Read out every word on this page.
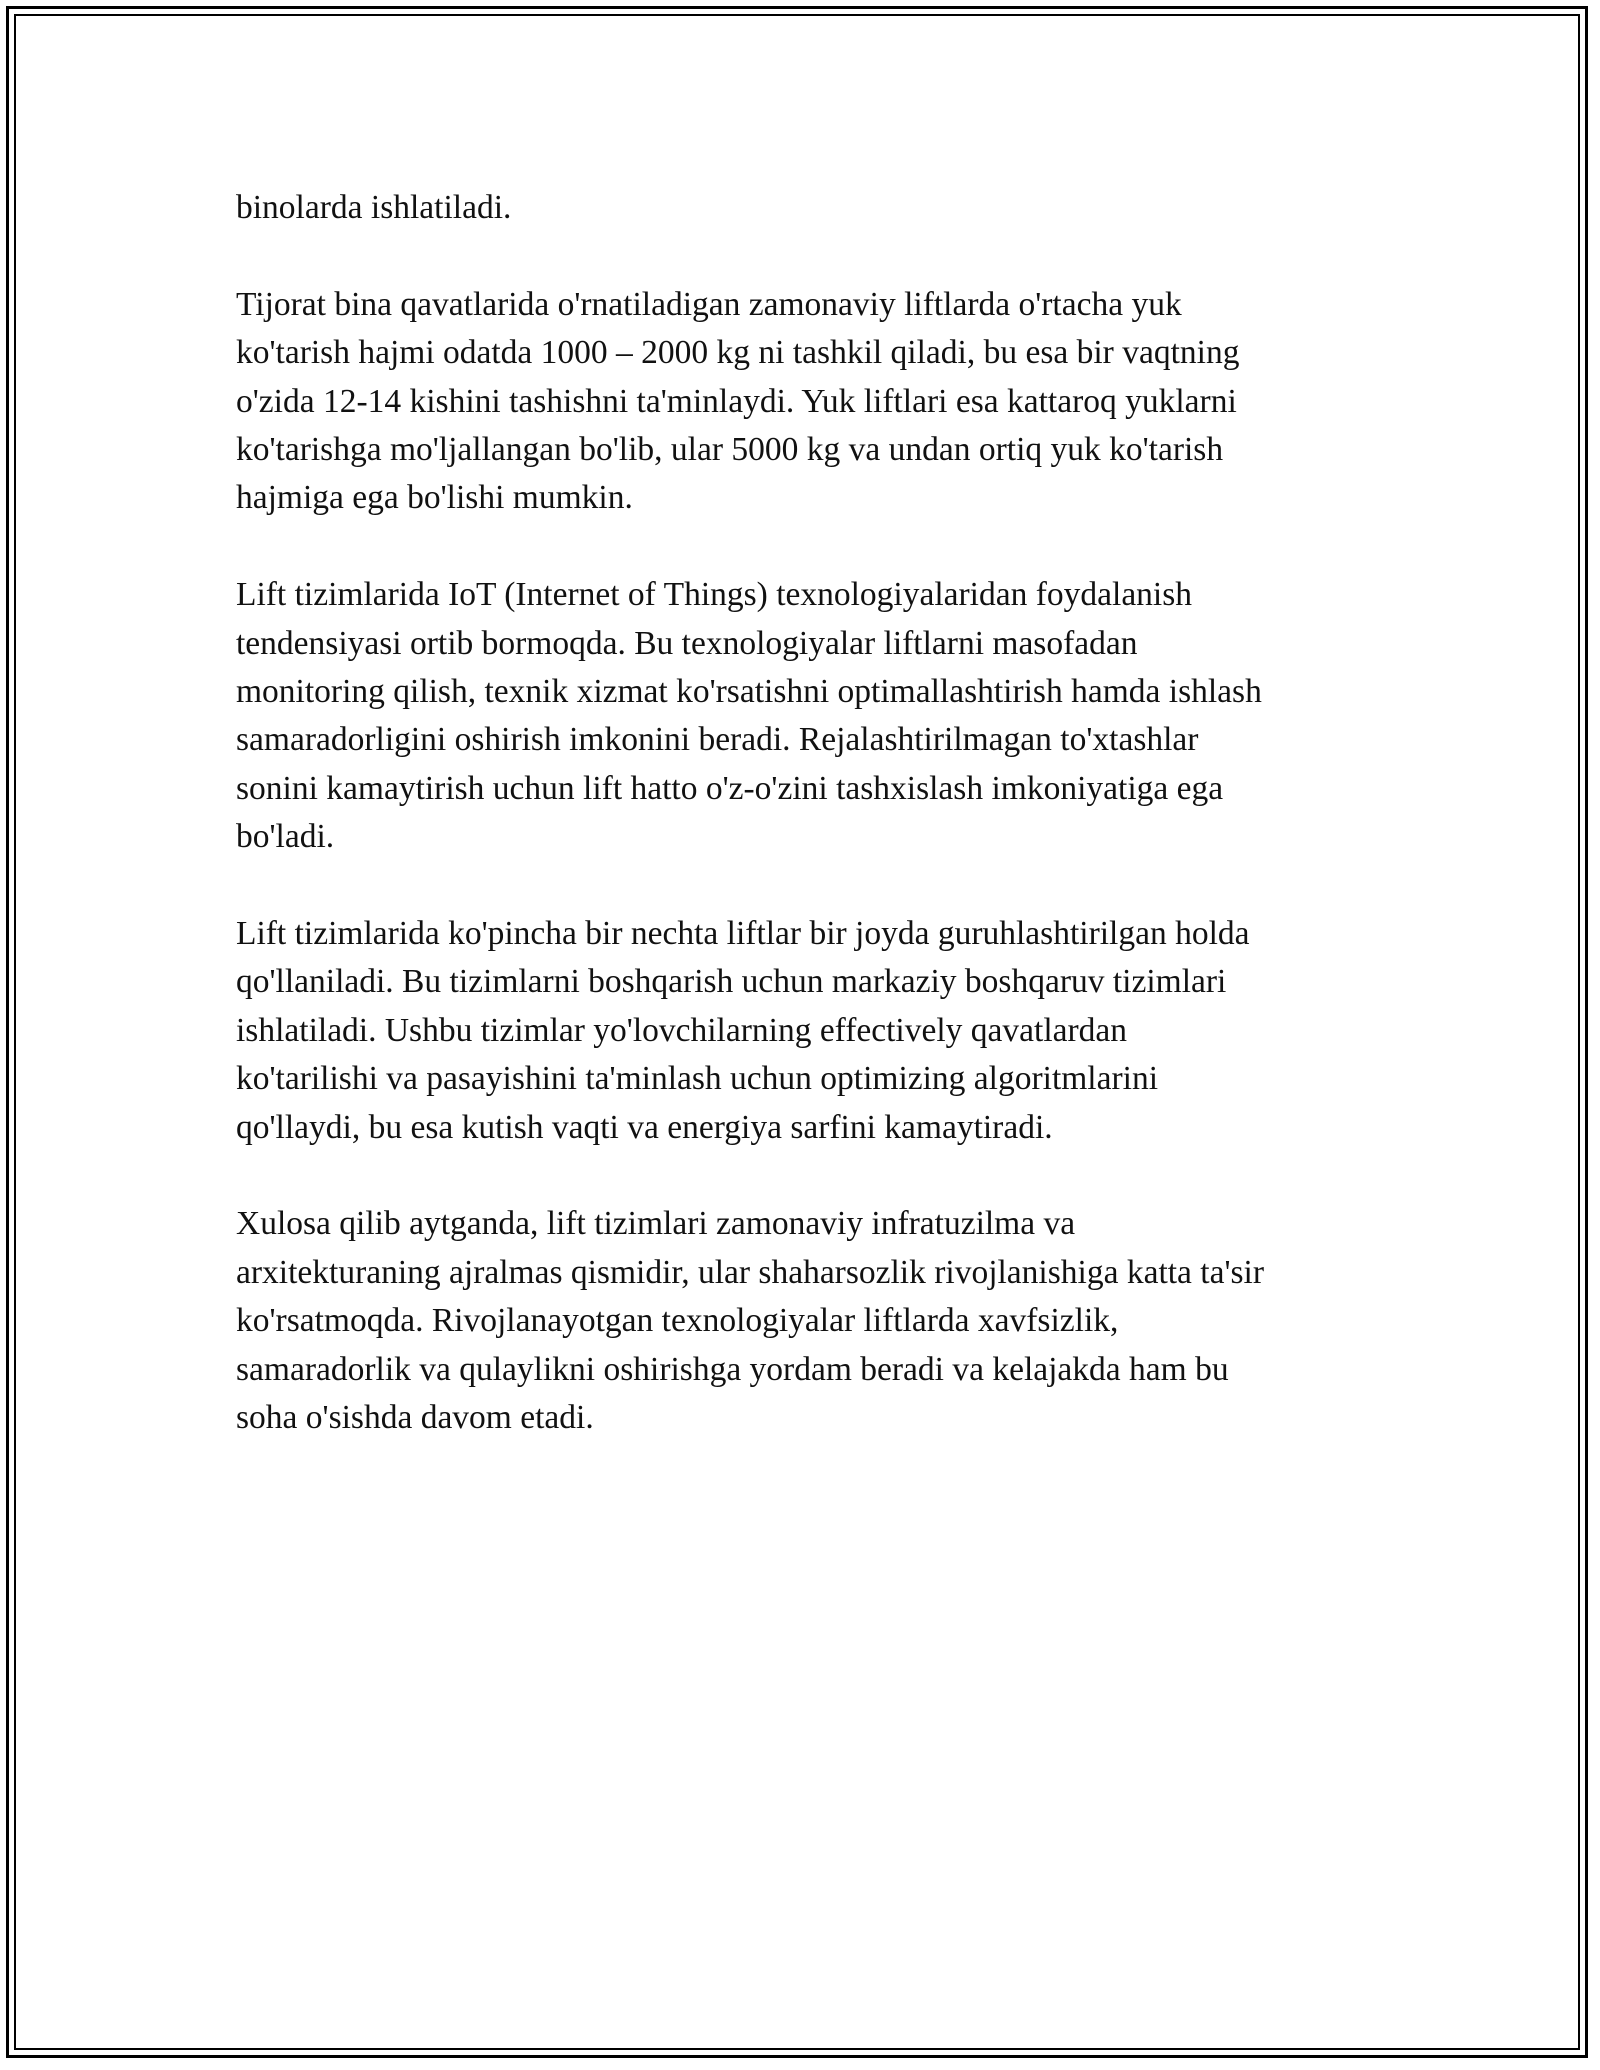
binolarda ishlatiladi.

Tijorat bina qavatlarida o'rnatiladigan zamonaviy liftlarda o'rtacha yuk
ko'tarish hajmi odatda 1000 – 2000 kg ni tashkil qiladi, bu esa bir vaqtning
o'zida 12-14 kishini tashishni ta'minlaydi. Yuk liftlari esa kattaroq yuklarni
ko'tarishga mo'ljallangan bo'lib, ular 5000 kg va undan ortiq yuk ko'tarish
hajmiga ega bo'lishi mumkin.

Lift tizimlarida IoT (Internet of Things) texnologiyalaridan foydalanish
tendensiyasi ortib bormoqda. Bu texnologiyalar liftlarni masofadan
monitoring qilish, texnik xizmat ko'rsatishni optimallashtirish hamda ishlash
samaradorligini oshirish imkonini beradi. Rejalashtirilmagan to'xtashlar
sonini kamaytirish uchun lift hatto o'z-o'zini tashxislash imkoniyatiga ega
bo'ladi.

Lift tizimlarida ko'pincha bir nechta liftlar bir joyda guruhlashtirilgan holda
qo'llaniladi. Bu tizimlarni boshqarish uchun markaziy boshqaruv tizimlari
ishlatiladi. Ushbu tizimlar yo'lovchilarning effectively qavatlardan
ko'tarilishi va pasayishini ta'minlash uchun optimizing algoritmlarini
qo'llaydi, bu esa kutish vaqti va energiya sarfini kamaytiradi.

Xulosa qilib aytganda, lift tizimlari zamonaviy infratuzilma va
arxitekturaning ajralmas qismidir, ular shaharsozlik rivojlanishiga katta ta'sir
ko'rsatmoqda. Rivojlanayotgan texnologiyalar liftlarda xavfsizlik,
samaradorlik va qulaylikni oshirishga yordam beradi va kelajakda ham bu
soha o'sishda davom etadi.
